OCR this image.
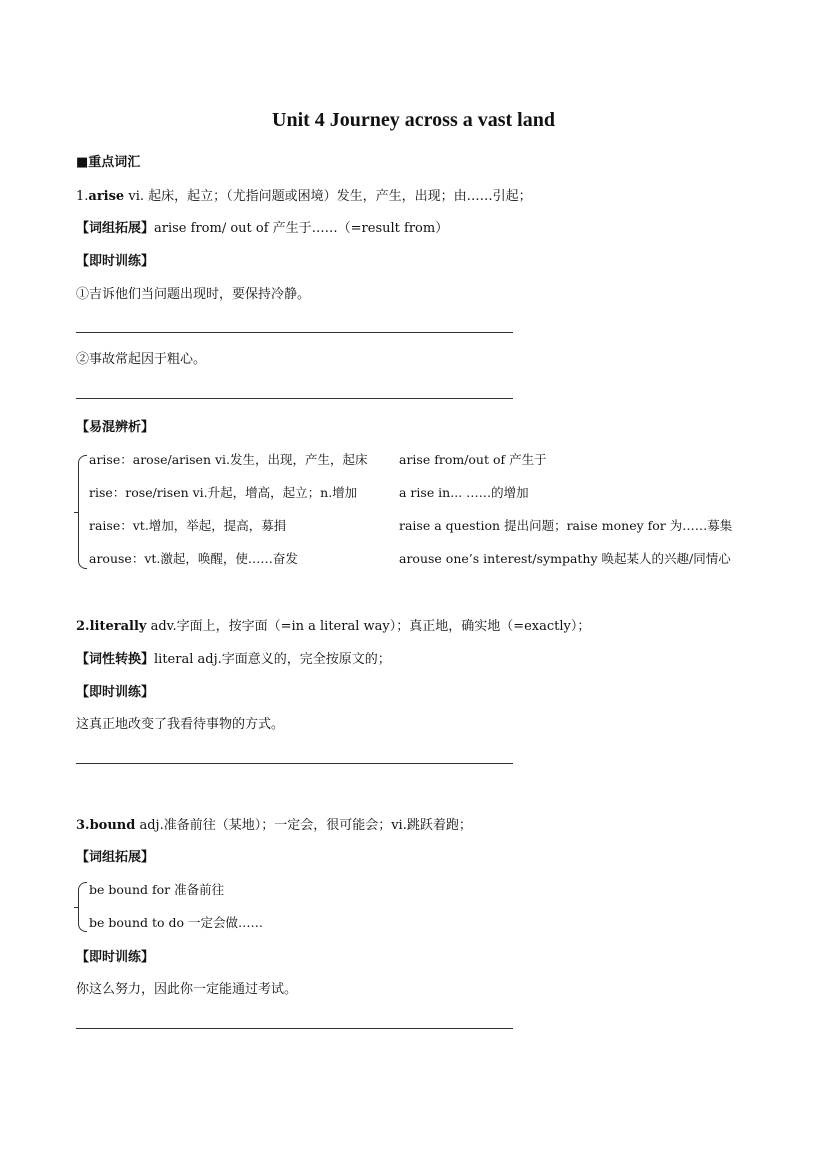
Unit 4 Journey across a vast land
■重点词汇
1.arise vi. 起床，起立；（尤指问题或困境）发生，产生，出现；由……引起；
【词组拓展】arise from/ out of 产生于……（=result from）
【即时训练】
①吉诉他们当问题出现时，要保持冷静。
②事故常起因于粗心。
【易混辨析】
arise：arose/arisen vi.发生，出现，产生，起床	arise from/out of 产生于
rise：rose/risen vi.升起，增高，起立；n.增加	a rise in... ……的增加
raise：vt.增加，举起，提高，募捐	raise a question 提出问题；raise money for 为……募集
arouse：vt.激起，唤醒，使……奋发	arouse one’s interest/sympathy 唤起某人的兴趣/同情心
2.literally adv.字面上，按字面（=in a literal way）；真正地，确实地（=exactly）；
【词性转换】literal adj.字面意义的，完全按原文的；
【即时训练】
这真正地改变了我看待事物的方式。
3.bound adj.准备前往（某地）；一定会，很可能会；vi.跳跃着跑；
【词组拓展】
be bound for 准备前往
be bound to do 一定会做……
【即时训练】
你这么努力，因此你一定能通过考试。
